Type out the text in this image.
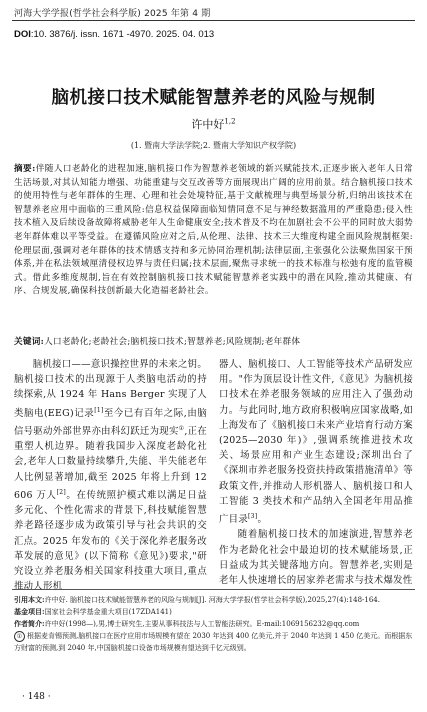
河海大学学报(哲学社会科学版) 2025 年第 4 期
DOI:10. 3876/j. issn. 1671 -4970. 2025. 04. 013
脑机接口技术赋能智慧养老的风险与规制
许中好$^{1,2}$
(1. 暨南大学法学院;2. 暨南大学知识产权学院)
摘要:伴随人口老龄化的进程加速,脑机接口作为智慧养老领域的新兴赋能技术,正逐步嵌入老年人日常生活场景,对其认知能力增强、功能重建与交互改善等方面展现出广阔的应用前景。结合脑机接口技术的使用特性与老年群体的生理、心理和社会处境特征,基于文献梳理与典型场景分析,归纳出该技术在智慧养老应用中面临的三重风险:信息权益保障面临知情同意不足与神经数据滥用的严重隐患;侵入性技术植入及后续设备故障将威胁老年人生命健康安全;技术普及不均在加剧社会不公平的同时放大弱势老年群体难以平等受益。在遵循风险应对之后,从伦理、法律、技术三大维度构建全面风险规制框架:伦理层面,强调对老年群体的技术情感支持和多元协同治理机制;法律层面,主张强化公法聚焦国家干预体系,并在私法领域厘清侵权边界与责任归属;技术层面,聚焦寻求统一的技术标准与松弛有度的监管模式。借此多维度规制,旨在有效控制脑机接口技术赋能智慧养老实践中的潜在风险,推动其健康、有序、合规发展,确保科技创新最大化造福老龄社会。
关键词:人口老龄化;老龄社会;脑机接口技术;智慧养老;风险规制;老年群体

脑机接口——意识操控世界的未来之钥。脑机接口技术的出现源于人类脑电活动的持续探索,从 1924 年 Hans Berger 实现了人类脑电(EEG)记录[1]至今已有百年之际,由脑信号驱动外部世界亦由科幻跃迁为现实①,正在重塑人机边界。随着我国步入深度老龄化社会,老年人口数量持续攀升,失能、半失能老年人比例显著增加,截至 2025 年将上升到 12 606 万人[2]。在传统照护模式难以满足日益多元化、个性化需求的背景下,科技赋能智慧养老路径逐步成为政策引导与社会共识的交汇点。2025 年发布的《关于深化养老服务改革发展的意见》(以下简称《意见》)要求,"研究设立养老服务相关国家科技重大项目,重点推动人形机

器人、脑机接口、人工智能等技术产品研发应用。"作为顶层设计性文件,《意见》为脑机接口技术在养老服务领域的应用注入了强劲动力。与此同时,地方政府积极响应国家战略,如上海发布了《脑机接口未来产业培育行动方案(2025—2030 年)》,强调系统推进技术攻关、场景应用和产业生态建设;深圳出台了《深圳市养老服务投资扶持政策措施清单》等政策文件,并推动人形机器人、脑机接口和人工智能 3 类技术和产品纳入全国老年用品推广目录[3]。

随着脑机接口技术的加速演进,智慧养老作为老龄化社会中最迫切的技术赋能场景,正日益成为其关键落地方向。智慧养老,实则是老年人快速增长的居家养老需求与技术爆发性

引用本文:许中好. 脑机接口技术赋能智慧养老的风险与规制[J]. 河海大学学报(哲学社会科学版),2025,27(4):148-164.

基金项目:国家社会科学基金重大项目(17ZDA141)

作者简介:许中好(1998—),男,博士研究生,主要从事科技法与人工智能法研究。E-mail:1069156232@qq.com

① 根据麦肯锡预测,脑机接口在医疗应用市场规模有望在 2030 年达到 400 亿美元,并于 2040 年达到 1 450 亿美元。而根据东方财富的预测,到 2040 年,中国脑机接口设备市场规模有望达到千亿元级别。

· 148 ·
